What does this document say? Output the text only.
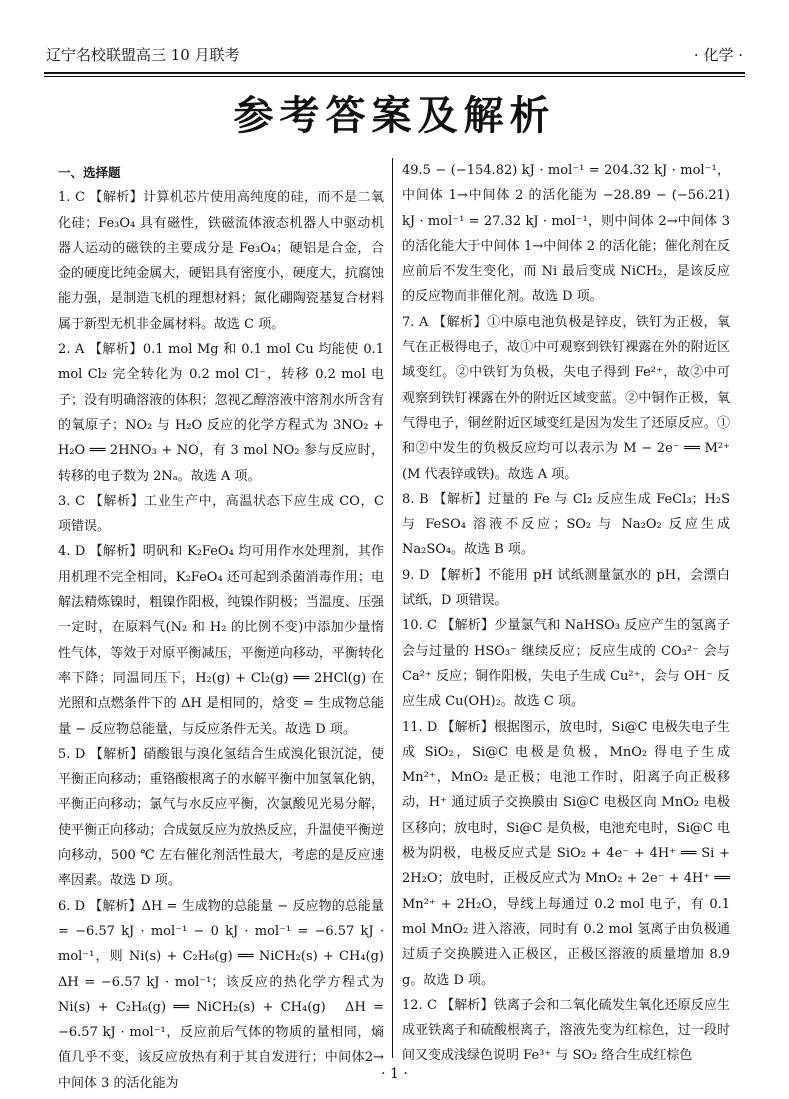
辽宁名校联盟高三 10 月联考	· 化学 ·
参考答案及解析
一、选择题

1. C 【解析】计算机芯片使用高纯度的硅，而不是二氧化硅；Fe₃O₄ 具有磁性，铁磁流体液态机器人中驱动机器人运动的磁铁的主要成分是 Fe₃O₄；硬铝是合金，合金的硬度比纯金属大，硬铝具有密度小，硬度大，抗腐蚀能力强，是制造飞机的理想材料；氮化硼陶瓷基复合材料属于新型无机非金属材料。故选 C 项。

2. A 【解析】0.1 mol Mg 和 0.1 mol Cu 均能使 0.1 mol Cl₂ 完全转化为 0.2 mol Cl⁻，转移 0.2 mol 电子；没有明确溶液的体积；忽视乙醇溶液中溶剂水所含有的氧原子；NO₂ 与 H₂O 反应的化学方程式为 3NO₂ + H₂O ══ 2HNO₃ + NO，有 3 mol NO₂ 参与反应时，转移的电子数为 2Nₐ。故选 A 项。

3. C 【解析】工业生产中，高温状态下应生成 CO，C 项错误。

4. D 【解析】明矾和 K₂FeO₄ 均可用作水处理剂，其作用机理不完全相同，K₂FeO₄ 还可起到杀菌消毒作用；电解法精炼镍时，粗镍作阳极，纯镍作阴极；当温度、压强一定时，在原料气(N₂ 和 H₂ 的比例不变)中添加少量惰性气体，等效于对原平衡减压，平衡逆向移动，平衡转化率下降；同温同压下，H₂(g) + Cl₂(g) ══ 2HCl(g) 在光照和点燃条件下的 ΔH 是相同的，焓变 = 生成物总能量 − 反应物总能量，与反应条件无关。故选 D 项。

5. D 【解析】硝酸银与溴化氢结合生成溴化银沉淀，使平衡正向移动；重铬酸根离子的水解平衡中加氢氧化钠，平衡正向移动；氯气与水反应平衡，次氯酸见光易分解，使平衡正向移动；合成氨反应为放热反应，升温使平衡逆向移动，500 ℃ 左右催化剂活性最大，考虑的是反应速率因素。故选 D 项。

6. D 【解析】ΔH = 生成物的总能量 − 反应物的总能量 = −6.57 kJ · mol⁻¹ − 0 kJ · mol⁻¹ = −6.57 kJ · mol⁻¹，则 Ni(s) + C₂H₆(g) ══ NiCH₂(s) + CH₄(g)　ΔH = −6.57 kJ · mol⁻¹；该反应的热化学方程式为 Ni(s) + C₂H₆(g) ══ NiCH₂(s) + CH₄(g)　ΔH = −6.57 kJ · mol⁻¹，反应前后气体的物质的量相同，熵值几乎不变，该反应放热有利于其自发进行；中间体2→中间体 3 的活化能为

49.5 − (−154.82) kJ · mol⁻¹ = 204.32 kJ · mol⁻¹，中间体 1→中间体 2 的活化能为 −28.89 − (−56.21) kJ · mol⁻¹ = 27.32 kJ · mol⁻¹，则中间体 2→中间体 3 的活化能大于中间体 1→中间体 2 的活化能；催化剂在反应前后不发生变化，而 Ni 最后变成 NiCH₂，是该反应的反应物而非催化剂。故选 D 项。

7. A 【解析】①中原电池负极是锌皮，铁钉为正极，氧气在正极得电子，故①中可观察到铁钉裸露在外的附近区域变红。②中铁钉为负极，失电子得到 Fe²⁺，故②中可观察到铁钉裸露在外的附近区域变蓝。②中铜作正极，氧气得电子，铜丝附近区域变红是因为发生了还原反应。①和②中发生的负极反应均可以表示为 M − 2e⁻ ══ M²⁺ (M 代表锌或铁)。故选 A 项。

8. B 【解析】过量的 Fe 与 Cl₂ 反应生成 FeCl₃；H₂S 与 FeSO₄ 溶液不反应；SO₂ 与 Na₂O₂ 反应生成 Na₂SO₄。故选 B 项。

9. D 【解析】不能用 pH 试纸测量氯水的 pH，会漂白试纸，D 项错误。

10. C 【解析】少量氯气和 NaHSO₃ 反应产生的氢离子会与过量的 HSO₃⁻ 继续反应；反应生成的 CO₃²⁻ 会与 Ca²⁺ 反应；铜作阳极，失电子生成 Cu²⁺，会与 OH⁻ 反应生成 Cu(OH)₂。故选 C 项。

11. D 【解析】根据图示，放电时，Si@C 电极失电子生成 SiO₂，Si@C 电极是负极，MnO₂ 得电子生成 Mn²⁺，MnO₂ 是正极；电池工作时，阳离子向正极移动，H⁺ 通过质子交换膜由 Si@C 电极区向 MnO₂ 电极区移向；放电时，Si@C 是负极，电池充电时，Si@C 电极为阴极，电极反应式是 SiO₂ + 4e⁻ + 4H⁺ ══ Si + 2H₂O；放电时，正极反应式为 MnO₂ + 2e⁻ + 4H⁺ ══ Mn²⁺ + 2H₂O，导线上每通过 0.2 mol 电子，有 0.1 mol MnO₂ 进入溶液，同时有 0.2 mol 氢离子由负极通过质子交换膜进入正极区，正极区溶液的质量增加 8.9 g。故选 D 项。

12. C 【解析】铁离子会和二氧化硫发生氧化还原反应生成亚铁离子和硫酸根离子，溶液先变为红棕色，过一段时间又变成浅绿色说明 Fe³⁺ 与 SO₂ 络合生成红棕色

· 1 ·
